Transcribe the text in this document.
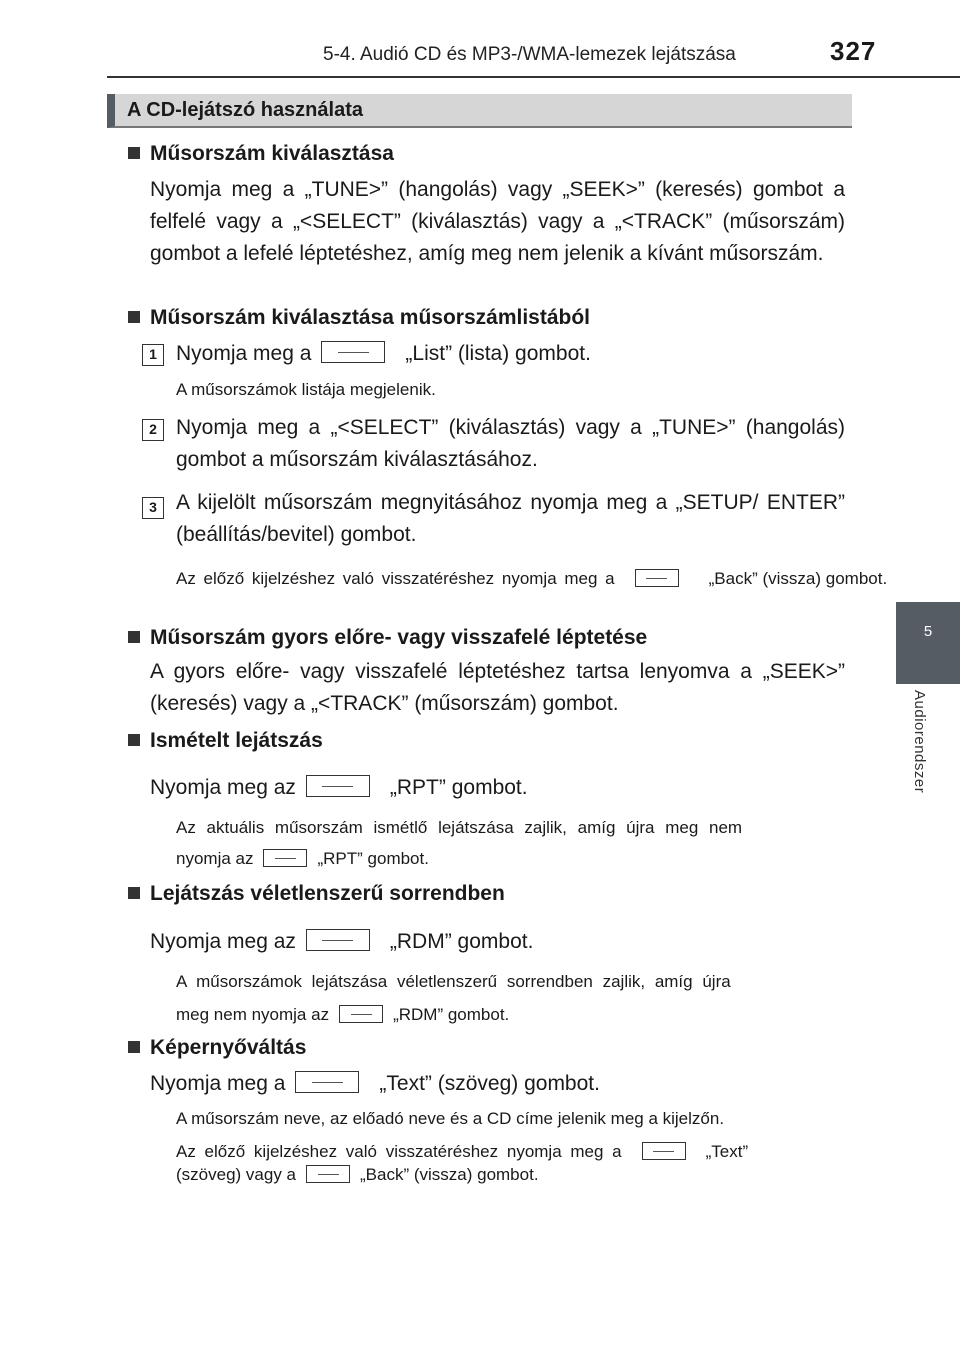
5-4. Audió CD és MP3-/WMA-lemezek lejátszása	327
5
Audiorendszer
A CD-lejátszó használata
Műsorszám kiválasztása
Nyomja meg a „TUNE>” (hangolás) vagy „SEEK>” (keresés) gombot a felfelé vagy a „<SELECT” (kiválasztás) vagy a „<TRACK” (műsorszám) gombot a lefelé léptetéshez, amíg meg nem jelenik a kívánt műsorszám.
Műsorszám kiválasztása műsorszámlistából
1 Nyomja meg a	„List” (lista) gombot.
A műsorszámok listája megjelenik.
2 Nyomja meg a „<SELECT” (kiválasztás) vagy a „TUNE>” (hangolás) gombot a műsorszám kiválasztásához.
3 A kijelölt műsorszám megnyitásához nyomja meg a „SETUP/ ENTER” (beállítás/bevitel) gombot.
Az előző kijelzéshez való visszatéréshez nyomja meg a	„Back” (vissza) gombot.
Műsorszám gyors előre- vagy visszafelé léptetése
A gyors előre- vagy visszafelé léptetéshez tartsa lenyomva a „SEEK>” (keresés) vagy a „<TRACK” (műsorszám) gombot.
Ismételt lejátszás
Nyomja meg az	„RPT” gombot.
Az aktuális műsorszám ismétlő lejátszása zajlik, amíg újra meg nem
nyomja az	„RPT” gombot.
Lejátszás véletlenszerű sorrendben
Nyomja meg az	„RDM” gombot.
A műsorszámok lejátszása véletlenszerű sorrendben zajlik, amíg újra
meg nem nyomja az	„RDM” gombot.
Képernyőváltás
Nyomja meg a	„Text” (szöveg) gombot.
A műsorszám neve, az előadó neve és a CD címe jelenik meg a kijelzőn.
Az előző kijelzéshez való visszatéréshez nyomja meg a	„Text”
(szöveg) vagy a	„Back” (vissza) gombot.
